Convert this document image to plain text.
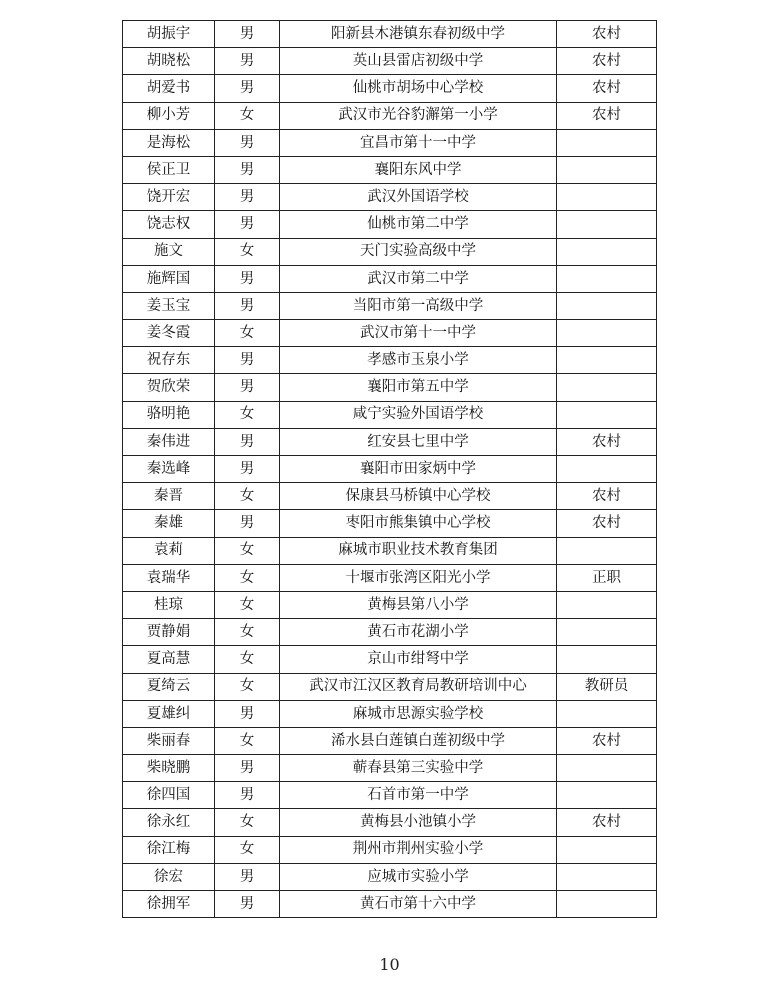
胡振宇	男	阳新县木港镇东春初级中学	农村
胡晓松	男	英山县雷店初级中学	农村
胡爱书	男	仙桃市胡场中心学校	农村
柳小芳	女	武汉市光谷豹澥第一小学	农村
是海松	男	宜昌市第十一中学	
侯正卫	男	襄阳东风中学	
饶开宏	男	武汉外国语学校	
饶志权	男	仙桃市第二中学	
施文	女	天门实验高级中学	
施辉国	男	武汉市第二中学	
姜玉宝	男	当阳市第一高级中学	
姜冬霞	女	武汉市第十一中学	
祝存东	男	孝感市玉泉小学	
贺欣荣	男	襄阳市第五中学	
骆明艳	女	咸宁实验外国语学校	
秦伟进	男	红安县七里中学	农村
秦选峰	男	襄阳市田家炳中学	
秦晋	女	保康县马桥镇中心学校	农村
秦雄	男	枣阳市熊集镇中心学校	农村
袁莉	女	麻城市职业技术教育集团	
袁瑞华	女	十堰市张湾区阳光小学	正职
桂琼	女	黄梅县第八小学	
贾静娟	女	黄石市花湖小学	
夏高慧	女	京山市绀弩中学	
夏绮云	女	武汉市江汉区教育局教研培训中心	教研员
夏雄纠	男	麻城市思源实验学校	
柴丽春	女	浠水县白莲镇白莲初级中学	农村
柴晓鹏	男	蕲春县第三实验中学	
徐四国	男	石首市第一中学	
徐永红	女	黄梅县小池镇小学	农村
徐江梅	女	荆州市荆州实验小学	
徐宏	男	应城市实验小学	
徐拥军	男	黄石市第十六中学	
10
